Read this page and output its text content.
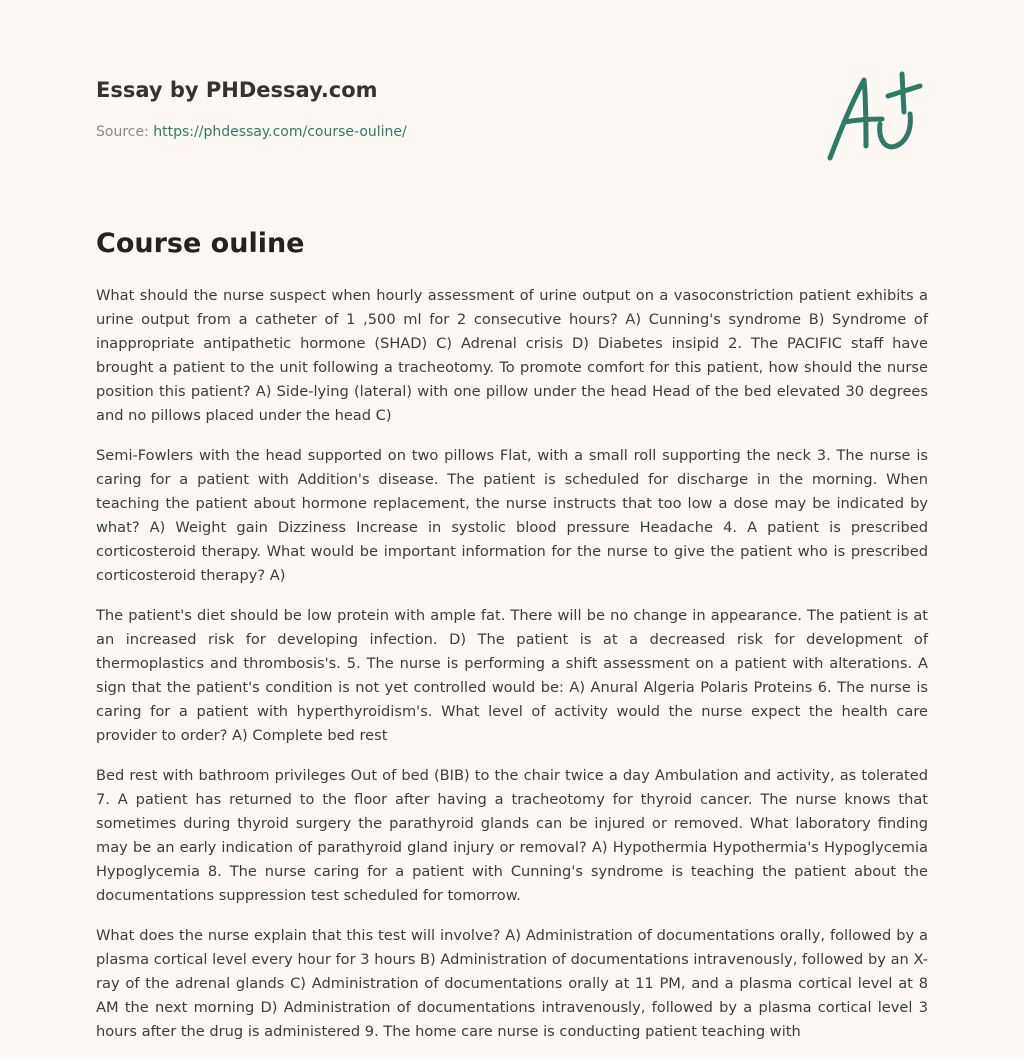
Essay by PHDessay.com
Source: https://phdessay.com/course-ouline/
Course ouline

What should the nurse suspect when hourly assessment of urine output on a vasoconstriction patient exhibits a urine output from a catheter of 1 ,500 ml for 2 consecutive hours? A) Cunning's syndrome B) Syndrome of inappropriate antipathetic hormone (SHAD) C) Adrenal crisis D) Diabetes insipid 2. The PACIFIC staff have brought a patient to the unit following a tracheotomy. To promote comfort for this patient, how should the nurse position this patient? A) Side-lying (lateral) with one pillow under the head Head of the bed elevated 30 degrees and no pillows placed under the head C)

Semi-Fowlers with the head supported on two pillows Flat, with a small roll supporting the neck 3. The nurse is caring for a patient with Addition's disease. The patient is scheduled for discharge in the morning. When teaching the patient about hormone replacement, the nurse instructs that too low a dose may be indicated by what? A) Weight gain Dizziness Increase in systolic blood pressure Headache 4. A patient is prescribed corticosteroid therapy. What would be important information for the nurse to give the patient who is prescribed corticosteroid therapy? A)

The patient's diet should be low protein with ample fat. There will be no change in appearance. The patient is at an increased risk for developing infection. D) The patient is at a decreased risk for development of thermoplastics and thrombosis's. 5. The nurse is performing a shift assessment on a patient with alterations. A sign that the patient's condition is not yet controlled would be: A) Anural Algeria Polaris Proteins 6. The nurse is caring for a patient with hyperthyroidism's. What level of activity would the nurse expect the health care provider to order? A) Complete bed rest

Bed rest with bathroom privileges Out of bed (BIB) to the chair twice a day Ambulation and activity, as tolerated 7. A patient has returned to the floor after having a tracheotomy for thyroid cancer. The nurse knows that sometimes during thyroid surgery the parathyroid glands can be injured or removed. What laboratory finding may be an early indication of parathyroid gland injury or removal? A) Hypothermia Hypothermia's Hypoglycemia Hypoglycemia 8. The nurse caring for a patient with Cunning's syndrome is teaching the patient about the documentations suppression test scheduled for tomorrow.

What does the nurse explain that this test will involve? A) Administration of documentations orally, followed by a plasma cortical level every hour for 3 hours B) Administration of documentations intravenously, followed by an X-ray of the adrenal glands C) Administration of documentations orally at 11 PM, and a plasma cortical level at 8 AM the next morning D) Administration of documentations intravenously, followed by a plasma cortical level 3 hours after the drug is administered 9. The home care nurse is conducting patient teaching with
